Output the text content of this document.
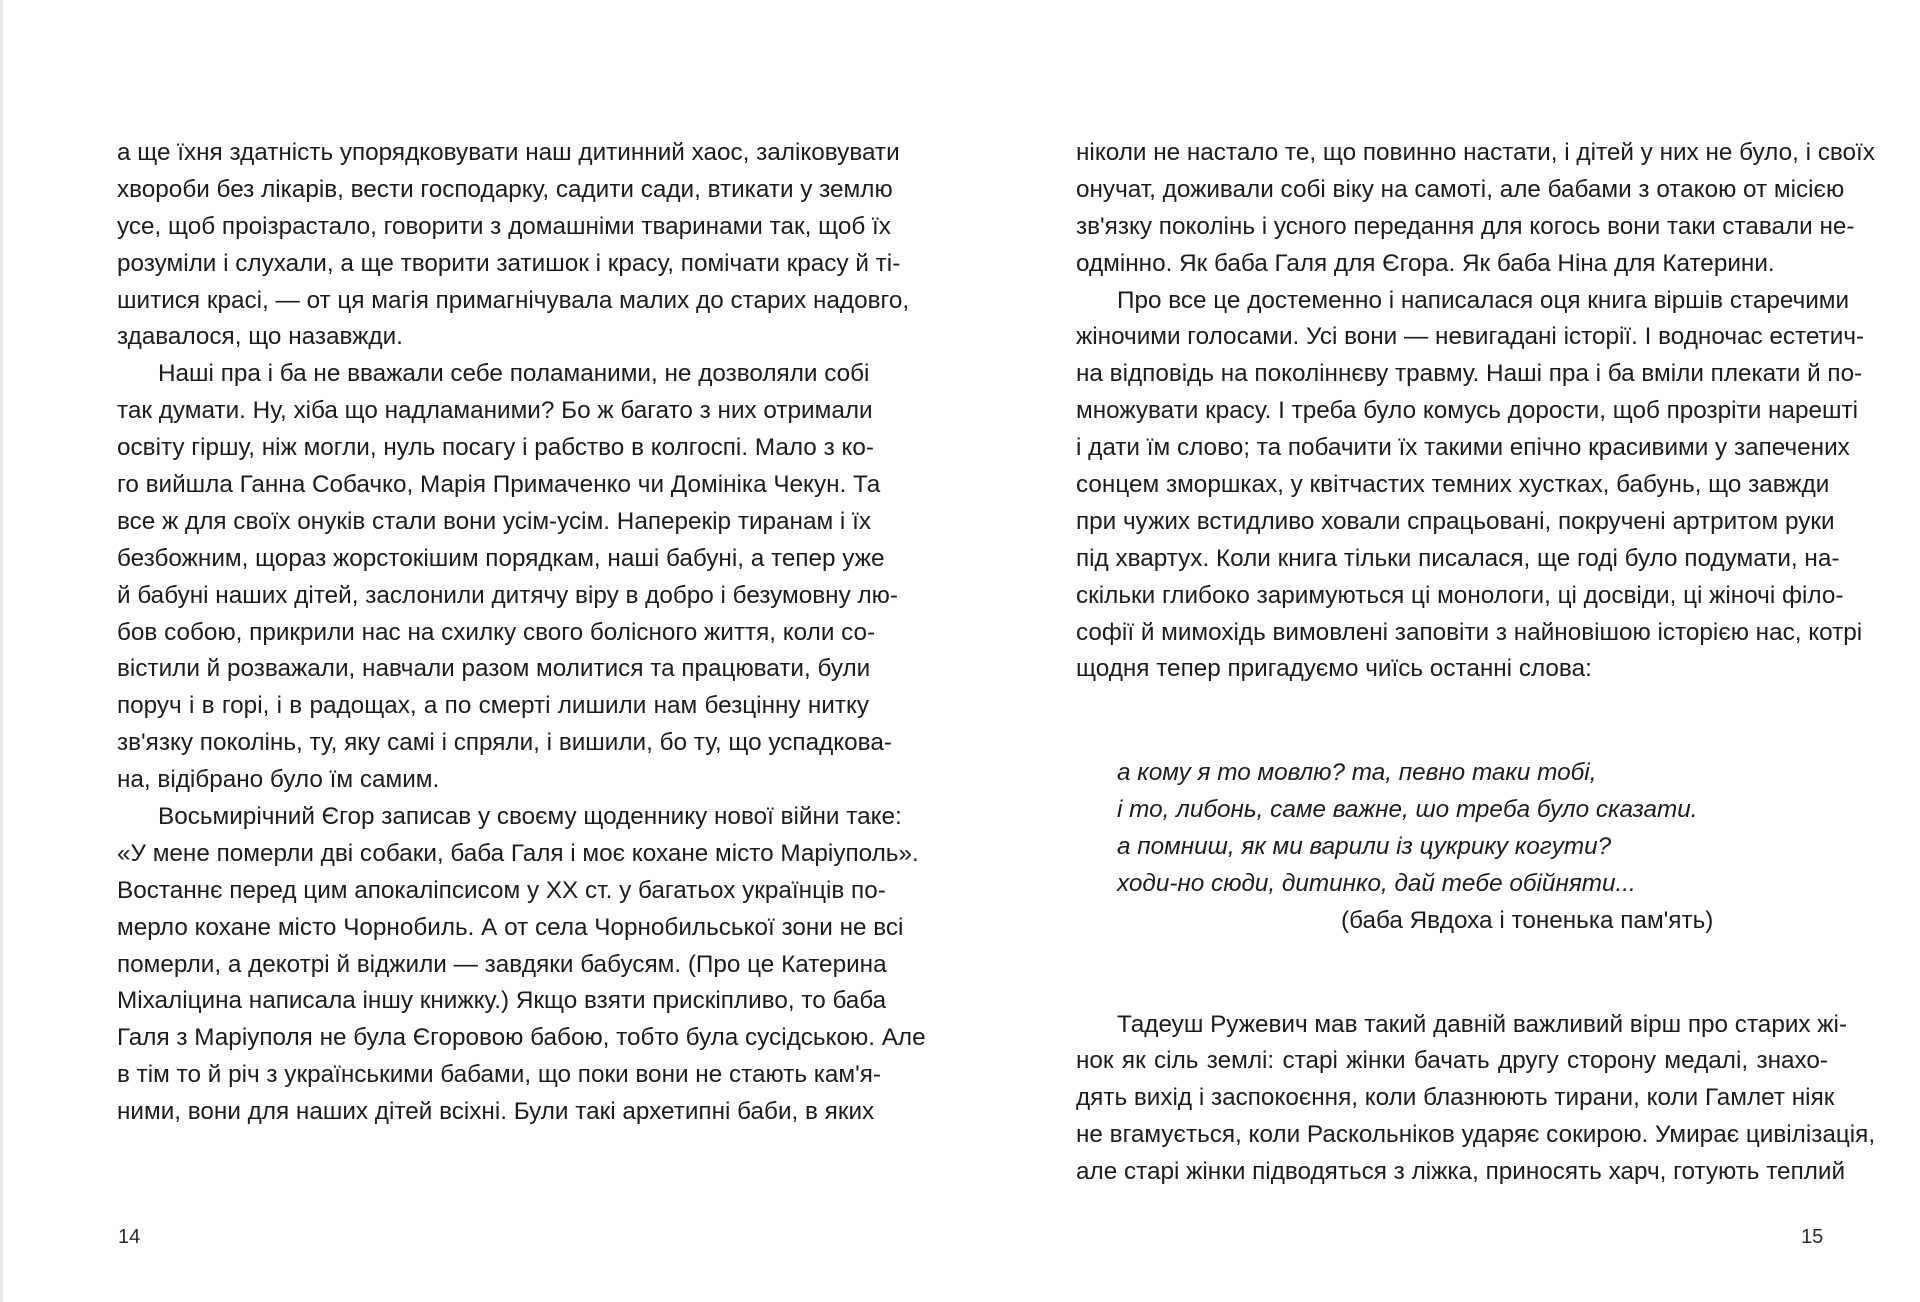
а ще їхня здатність упорядковувати наш дитинний хаос, заліковувати
хвороби без лікарів, вести господарку, садити сади, втикати у землю
усе, щоб проізрастало, говорити з домашніми тваринами так, щоб їх
розуміли і слухали, а ще творити затишок і красу, помічати красу й ті-
шитися красі, — от ця магія примагнічувала малих до старих надовго,
здавалося, що назавжди.
Наші пра і ба не вважали себе поламаними, не дозволяли собі
так думати. Ну, хіба що надламаними? Бо ж багато з них отримали
освіту гіршу, ніж могли, нуль посагу і рабство в колгоспі. Мало з ко-
го вийшла Ганна Собачко, Марія Примаченко чи Домініка Чекун. Та
все ж для своїх онуків стали вони усім-усім. Наперекір тиранам і їх
безбожним, щораз жорстокішим порядкам, наші бабуні, а тепер уже
й бабуні наших дітей, заслонили дитячу віру в добро і безумовну лю-
бов собою, прикрили нас на схилку свого болісного життя, коли со-
вістили й розважали, навчали разом молитися та працювати, були
поруч і в горі, і в радощах, а по смерті лишили нам безцінну нитку
зв'язку поколінь, ту, яку самі і спряли, і вишили, бо ту, що успадкова-
на, відібрано було їм самим.
Восьмирічний Єгор записав у своєму щоденнику нової війни таке:
«У мене померли дві собаки, баба Галя і моє кохане місто Маріуполь».
Востаннє перед цим апокаліпсисом у XX ст. у багатьох українців по-
мерло кохане місто Чорнобиль. А от села Чорнобильської зони не всі
померли, а декотрі й віджили — завдяки бабусям. (Про це Катерина
Міхаліцина написала іншу книжку.) Якщо взяти прискіпливо, то баба
Галя з Маріуполя не була Єгоровою бабою, тобто була сусідською. Але
в тім то й річ з українськими бабами, що поки вони не стають кам'я-
ними, вони для наших дітей всіхні. Були такі архетипні баби, в яких
14
ніколи не настало те, що повинно настати, і дітей у них не було, і своїх
онучат, доживали собі віку на самоті, але бабами з отакою от місією
зв'язку поколінь і усного передання для когось вони таки ставали не-
одмінно. Як баба Галя для Єгора. Як баба Ніна для Катерини.
Про все це достеменно і написалася оця книга віршів старечими
жіночими голосами. Усі вони — невигадані історії. І водночас естетич-
на відповідь на поколіннєву травму. Наші пра і ба вміли плекати й по-
множувати красу. І треба було комусь дорости, щоб прозріти нарешті
і дати їм слово; та побачити їх такими епічно красивими у запечених
сонцем зморшках, у квітчастих темних хустках, бабунь, що завжди
при чужих встидливо ховали спрацьовані, покручені артритом руки
під хвартух. Коли книга тільки писалася, ще годі було подумати, на-
скільки глибоко заримуються ці монологи, ці досвіди, ці жіночі філо-
софії й мимохідь вимовлені заповіти з найновішою історією нас, котрі
щодня тепер пригадуємо чиїсь останні слова:
а кому я то мовлю? та, певно таки тобі,
і то, либонь, саме важне, шо треба було сказати.
а помниш, як ми варили із цукрику когути?
ходи-но сюди, дитинко, дай тебе обійняти...
(баба Явдоха і тоненька пам'ять)
Тадеуш Ружевич мав такий давній важливий вірш про старих жі-
нок як сіль землі: старі жінки бачать другу сторону медалі, знахо-
дять вихід і заспокоєння, коли блазнюють тирани, коли Гамлет ніяк
не вгамується, коли Раскольніков ударяє сокирою. Умирає цивілізація,
але старі жінки підводяться з ліжка, приносять харч, готують теплий
15
